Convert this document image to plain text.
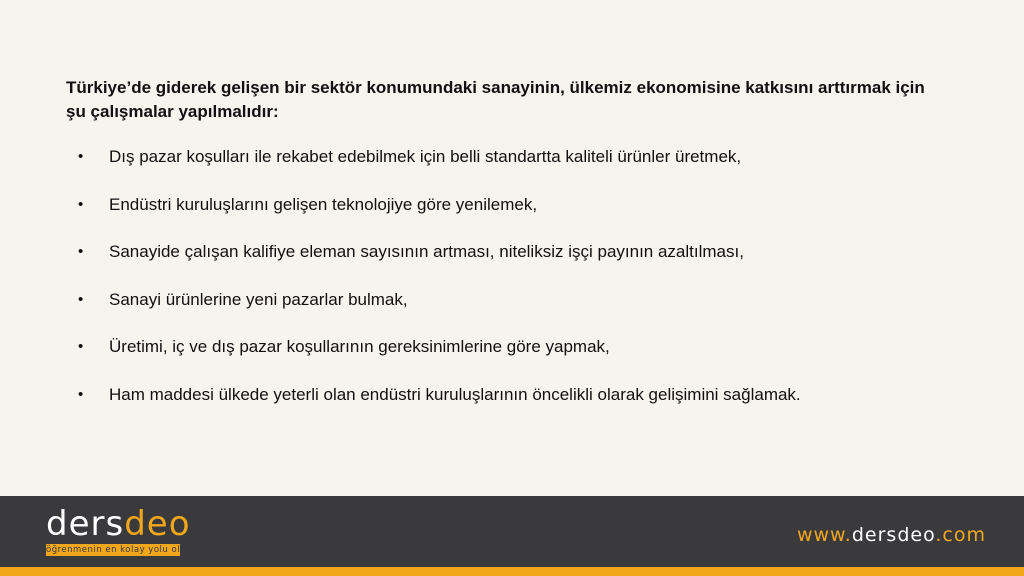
Türkiye’de giderek gelişen bir sektör konumundaki sanayinin, ülkemiz ekonomisine katkısını arttırmak için şu çalışmalar yapılmalıdır:

• Dış pazar koşulları ile rekabet edebilmek için belli standartta kaliteli ürünler üretmek,
• Endüstri kuruluşlarını gelişen teknolojiye göre yenilemek,
• Sanayide çalışan kalifiye eleman sayısının artması, niteliksiz işçi payının azaltılması,
• Sanayi ürünlerine yeni pazarlar bulmak,
• Üretimi, iç ve dış pazar koşullarının gereksinimlerine göre yapmak,
• Ham maddesi ülkede yeterli olan endüstri kuruluşlarının öncelikli olarak gelişimini sağlamak.
dersdeo
öğrenmenin en kolay yolu ol
www.dersdeo.com
